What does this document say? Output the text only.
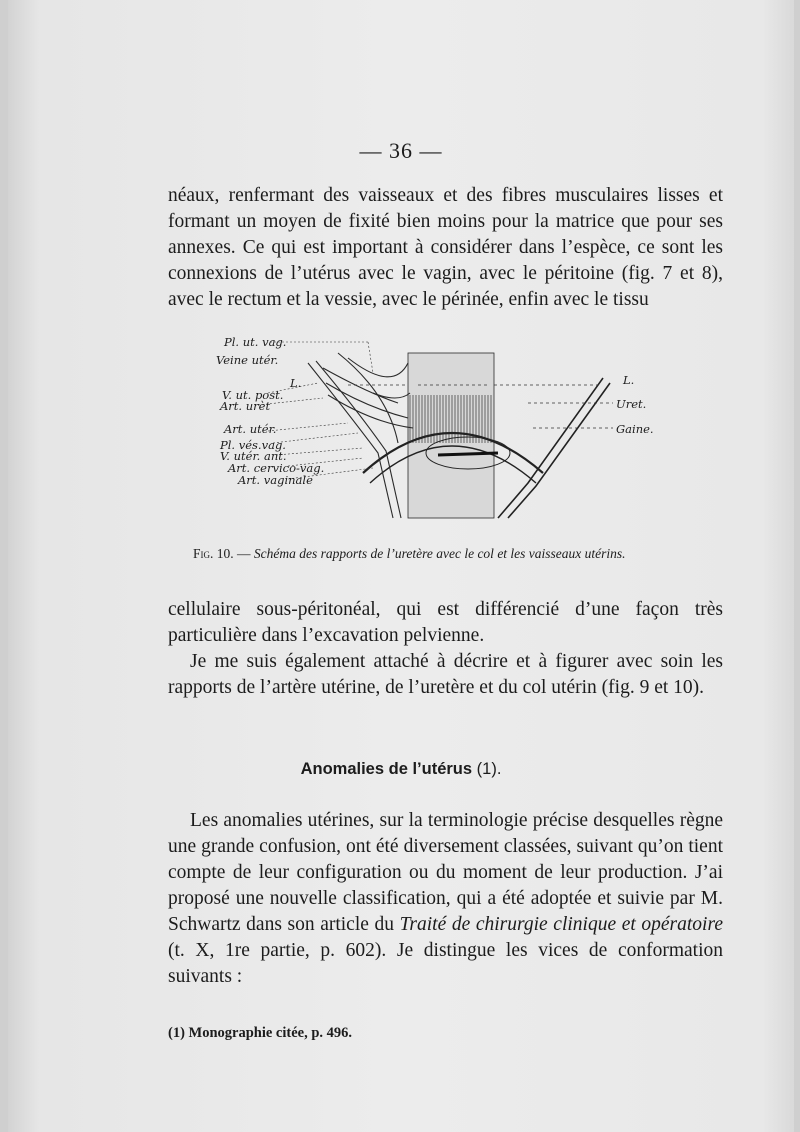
— 36 —

néaux, renfermant des vaisseaux et des fibres musculaires lisses et formant un moyen de fixité bien moins pour la matrice que pour ses annexes. Ce qui est important à considérer dans l’espèce, ce sont les connexions de l’utérus avec le vagin, avec le péritoine (fig. 7 et 8), avec le rectum et la vessie, avec le périnée, enfin avec le tissu

Pl. ut. vag.
Veine utér.
L.
V. ut. post.
Art. urèt
Art. utér.
Pl. vés.vag.
V. utér. ant.
Art. cervico-vag.
Art. vaginale
L.
Uret.
Gaine.
Fig. 10. — Schéma des rapports de l’uretère avec le col et les vaisseaux utérins.

cellulaire sous-péritonéal, qui est différencié d’une façon très particulière dans l’excavation pelvienne.

Je me suis également attaché à décrire et à figurer avec soin les rapports de l’artère utérine, de l’uretère et du col utérin (fig. 9 et 10).

Anomalies de l’utérus (1).

Les anomalies utérines, sur la terminologie précise desquelles règne une grande confusion, ont été diversement classées, suivant qu’on tient compte de leur configuration ou du moment de leur production. J’ai proposé une nouvelle classification, qui a été adoptée et suivie par M. Schwartz dans son article du Traité de chirurgie clinique et opératoire (t. X, 1re partie, p. 602). Je distingue les vices de conformation suivants :

(1) Monographie citée, p. 496.
